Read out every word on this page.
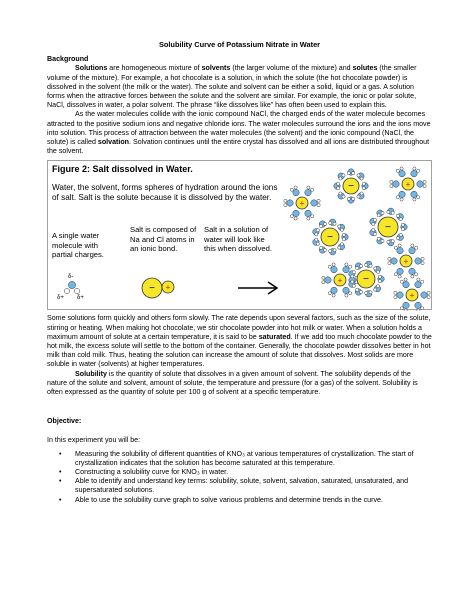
Solubility Curve of Potassium Nitrate in Water

Background

Solutions are homogeneous mixture of solvents (the larger volume of the mixture) and solutes (the smaller volume of the mixture). For example, a hot chocolate is a solution, in which the solute (the hot chocolate powder) is dissolved in the solvent (the milk or the water). The solute and solvent can be either a solid, liquid or a gas. A solution forms when the attractive forces between the solute and the solvent are similar. For example, the ionic or polar solute, NaCl, dissolves in water, a polar solvent. The phrase “like dissolves like” has often been used to explain this.

As the water molecules collide with the ionic compound NaCl, the charged ends of the water molecule becomes attracted to the positive sodium ions and negative chloride ions. The water molecules surround the ions and the ions move into solution. This process of attraction between the water molecules (the solvent) and the ionic compound (NaCl, the solute) is called solvation. Solvation continues until the entire crystal has dissolved and all ions are distributed throughout the solvent.

δ-
δ+ δ+
− +
+
−	+
−
−
+
+ −
+
Figure 2: Salt dissolved in Water.
Water, the solvent, forms spheres of hydration around the ions of salt. Salt is the solute because it is dissolved by the water.
A single water molecule with partial charges.
Salt is composed of Na and Cl atoms in an ionic bond.
Salt in a solution of water will look like this when dissolved.

Some solutions form quickly and others form slowly. The rate depends upon several factors, such as the size of the solute, stirring or heating. When making hot chocolate, we stir chocolate powder into hot milk or water. When a solution holds a maximum amount of solute at a certain temperature, it is said to be saturated. If we add too much chocolate powder to the hot milk, the excess solute will settle to the bottom of the container. Generally, the chocolate powder dissolves better in hot milk than cold milk. Thus, heating the solution can increase the amount of solute that dissolves. Most solids are more soluble in water (solvents) at higher temperatures.

Solubility is the quantity of solute that dissolves in a given amount of solvent. The solubility depends of the nature of the solute and solvent, amount of solute, the temperature and pressure (for a gas) of the solvent. Solubility is often expressed as the quantity of solute per 100 g of solvent at a specific temperature.

Objective:

In this experiment you will be:

• Measuring the solubility of different quantities of KNO₃ at various temperatures of crystallization. The start of crystallization indicates that the solution has become saturated at this temperature.
• Constructing a solubility curve for KNO₃ in water.
• Able to identify and understand key terms: solubility, solute, solvent, salvation, saturated, unsaturated, and supersaturated solutions.
• Able to use the solubility curve graph to solve various problems and determine trends in the curve.
